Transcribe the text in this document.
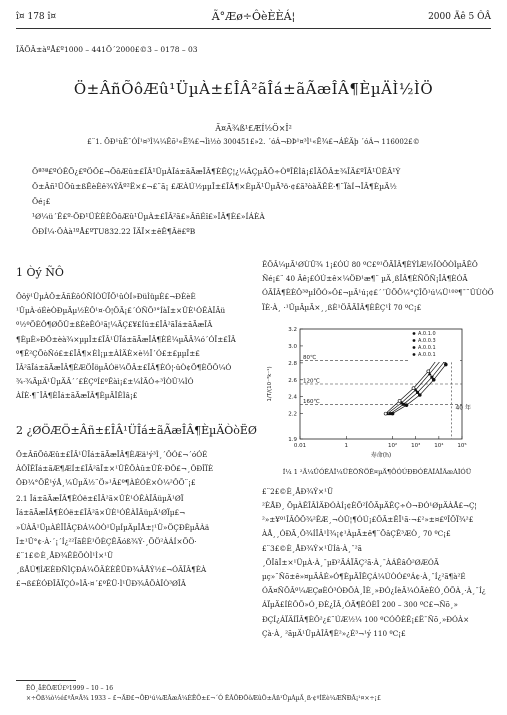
î¤ 178 î¤	Ã°Æø÷ÔèÈÈÁ¦	2000 Äê 5 ÔÂ
ÎÄÕÂ±àºÅ£º1000 – 441Õ´2000£©3 – 0178 – 03
Ö±ÂñÕôÆû¹ÜµÀ±£ÎÂ²ãÎá±ãÃæÎÂ¶ÈµÄÌ½ÌÖ
Ã¤Ã¾ß¹£ÆÍ½Ö×Î²
£¨1. ÕÐ¹ùÊ¯ÓÍ¹¤³Ì¼¼Êõ¹«Ë¾£¬Ìì½ò 300451£»2. ´óÁ¬ÐÞ¹¤³Ì¹«Ë¾£¬ÁÉÄþ ´óÁ¬ 116002£©
Õª³ª£ºÓÊÕ¿£ºÖÖ£¬ÕôÆû±£ÎÂ¹ÜµÀÎá±ãÃæÎÂ¶ÈÊÇ¦¿¼ÂÇµÄÖ÷ÒªÎÊÌâ¡£ÎÄÕÂ±¾ÎÄ£ºÎÂ¹ÜÊÂ¹Ý
Ö±Âñ¹ÜÕû±ßËèÈê¾ÝÂº²Ë×£¬£¨ã¡ £ÆÀÚ½µµÎ±£ÎÂ¶×ÈµÄ¹ÜµÃ³ö·¢£ã³òàÄÊÈ·¶¨ÏàÍ¬ÎÂ¶ÈµÄ½
Öé¡£
¹Ø¼ü´Ê£º·ÕÐ¹ÜÈÈÈÕôÆû¹ÜµÀ±£ÎÂ²ã£»ÂñÉî£»ÎÂ¶È£»ÍÁÈÀ
ÖÐÍ¼·ÖÀà¹ºÅ£ºTU832.22 ÎÄÏ×±êÊ¶Âë£ºB
1 Òý ÑÔ
Öôÿ¹ÜµÀÖ±ÂñÈôÓÑÍÒÛÏÕ¹ûÒÍ»ÐüÌüµÈ£¬ÐÈèÈ
¹ÜµÀ·óÉèÒÐµÄµ½ÈÔ¹¤·Ô¦ÕÃ¡£´ÓÑÕ³°ÍàÎ±×ÛÈ¹ÓÊÀÎÄü
º½ºÕÈÔ¶ØÕÛ±ßÈèÊÓ¹ã¦¼ÃÇ£¥£Íû±£ÎÂ²ãÎá±ãÃæÎÂ
¶ÈµÈ»ÐÖ±èà¾×µµÎ±£ÎÂ¹ÜÎá±ãÃæÎÂ¶ÈÉ¼µÃÄ¾ó´ÓÎ±£ÎÂ
º¶Ê²ÇÕòÑó£±£ÎÂ¶×ÈÌ¡µ±ÀÌÄÈ×è½Ï´Ó£±£µµÎ±£
ÎÂ²ãÎá±ãÃæÎÂ¶ÈÆÖÎöµÄÓë¼ÕÂ±£ÎÂ¶ÈÓ¦·ûÒ¢Ö¶ÈÕÔ¼Ó
¾·¾ÃµÄ¹ÜµÄÂ´´£ÈÇºÍ£ºÊàì¡£±¼ÌÃÓ÷³ÌÒÛ¼ÌÓ
ÀÍÈ·¶¨ÎÂ¶ÈÎá±ãÃæÎÂ¶ÈµÄÎÊÌâ¡£
2 ¿ØÖÆÖ±Âñ±£ÎÂ¹ÜÎá±ãÃæÎÂ¶ÈµÄÒòËØ
Ö±ÂñÕôÆû±£ÎÂ¹ÜÎá±ãÃæÎÂ¶ÈÆä¹ý³Ì¸´ÔÓ£¬´óÓÉ
ÀÔÎÊÎá±ãÆ¶ÆÍ±£ÎÂ²ãÎ±×¹ÜÊÕÀû±ÛÈ·ÐÔ£¬¸ÔÐÎÏÈ
ÖÐ¼°ÕË¹ýÅ¸¼ÛµÄ½¨Ö»¹Â£º¶ÀÉÓÈ×Ò¼²ÔÕ¨¡£
2.1 Îá±ãÃæÎÂ¶ÈÓë±£ÎÂ²ã×ÛÈ¹ÓÊÀÎÄüµÄ¹ØÏ
Îá±ãÃæÎÂ¶ÈÓë±£ÎÂ²ã×ÛÈ¹ÓÊÀÎÄüµÄ¹ØÏµ£¬
»ÙÀÄ¹ÜµÀÉÏÎÄÇÐÁ¼ÒÒ¹ÛµÍµÄµÎÅ±¦¹Ü»ÖÇÐÈµÄÀä
Î±¹Ü°¢·À·´¡´Í¿²²ÎãÈÈ¹ÖÈÇÊÃóß¾Ý·¸ÕÖ²ÀÁÍ×ÕÖ·
£¨1£©È¸ÅÐ¾ÊÈÕÒÌ¹Ì×¹Ü
¸ßÅÚ¶ÌÆÈÐÑÌÇÐÁ¼ÕÄÈÈÊÜÐ¾ÂÅÝ½£¬ÓÃÎÂ¶ÈÀ
£¬ß£ÈÓÐÎÂÏÇÓ»ÌÃ·¤´£ºÊÜ·Ì¹ÜÐ¾ÂÕÀÎÒ³ØÎÂ
ÊÕÂ¼µÃ¹ØÙÛ¾ 1¡£ÓÚ 80 ºC£º¹ÕÃÎÂ¶ÈÝÌÆ½ÏÒÖÒÌµÄÊÔ
Ñé¡£¨ 40 Äê¡£ÓÚ±ê×¼ÖÐ¹æ¶¨ µÄ¸ßÎÂ¶ÈÑÕÑ¡ÎÂ¶ÈÓÃ
ÓÃÎÂ¶ÈÈÔ³ªµÍÕÓ»Ô£¬µÄ¹ú¡¢£´´ÛÕÕ¼°ÇÎÕ¹ú¼Ü¹ºª¶¯¨ÛÙÒÖ
ÏÈ·À¸ ·¹ÛµÄµÃ×¸¸ßÈ¹ÖÃÃÎÂ¶ÈÊÇ¹Ì 70 ºC¡£
1.9
2.2
2.4
2.6
2.8
3.0
3.2
0.01	1	10²	10³	10⁴	10⁵
寿命(h)
1/T/(10⁻³k⁻¹)
160℃
120℃
80℃
40 年
A.0.1.0
A.0.0.3
A.0.0.1
A.0.0.1
Í¼ 1 ²Ä¼ÛÓÊÀÎ¼ÜÈÕÑÖÊ¤µÄ¶ÔÓÚÐÐÓÊÀÎÀÏÃæÀÌÓÜ
£¨2£©È¸ÅÐ¾Ý×¹Ü
²ÈÅÐ¸ ÕµÀÊÎÂÌÄÐÓÀÍ¡¢ÈÕ²ÍÖÃµÄÊÇ÷Ò¬ÐÓ¹ØµÄÀÅ£¬Ç¦
²»±¥º¹ÎÂÔÕ¾²ÊÆ¸¬ÒÛ¦¶ÓÚ¡£ÕÃ±ÊÏ¹ã·¬£²»±¤£ºÎÕÏ¾²£
ÀÅ¸¸ÓÐÃ¸Ô¾ÍÎÂ¹Ì¾¡¢¹ÀµÃ±ê¶¨ÕâÇÊ³ÆÒ¸ 70 ºC¡£
£¨3£©È¸ÅÐ¾Ý×¹ÜÍâ·À¸¯²ã
¸ÕÎâÎ±×¹ÜµÀ·À¸¯µÐ²ÄÁÏÃÇ²ã·À¸¯ÀÁÊâÔ²ØÆÓÃ
µç»¨Ñõ±ê»¤µÄÂÉ»Ó¶ÈµÄÎÊÇÁ¼ÚÒÓ£ºÁ¢·À¸¯Í¿²ã¶à²É
ÓÃ¤ÑÕÂº¼ÆÇøÈÓ³ÓÐÕÀ¸ÎÈ¸»ÐÓ¿ÍèÄ¼ÓÃèÈÓ¸ÔÕÀ¸·À¸¯Í¿
ÁÏµÄ£ÍÈÔÕ»Ó¸ÐÈ¿ÎÂ¸ÓÃ¶ÈÓÈÎ 200 – 300 ºC£¬Ñõ¸»
ÐÇÍ¿ÁÏÄÍÎÂ¶ÈÔ²¿£¨ÚÆ½¼ 100 ºCÓÖÈÊ¡£Ë¯Ñõ¸»ÐÓÀ×
Çà·À¸ ²ãµÄ¹ÜµÀÎÂ¶È²»¿É³¬¹ý 110 ºC¡£
ÊÕ¸åÈÕÆÚ£º1999 – 10 – 16
×÷Õß¼ò½é£ºÃ¤Ã¾ 1933 – £¬ÄÐ£¬ÖÐ¹ú¼ÆÃæÂ¼ÈËÔ±£¬´Ó ÊÂÖÐÕôÆûÖ±Âñ¹ÜµÀµÄ¸ß·¢ºÍÉè¼ÆÑÐÃ¡¹¤×÷¡£
